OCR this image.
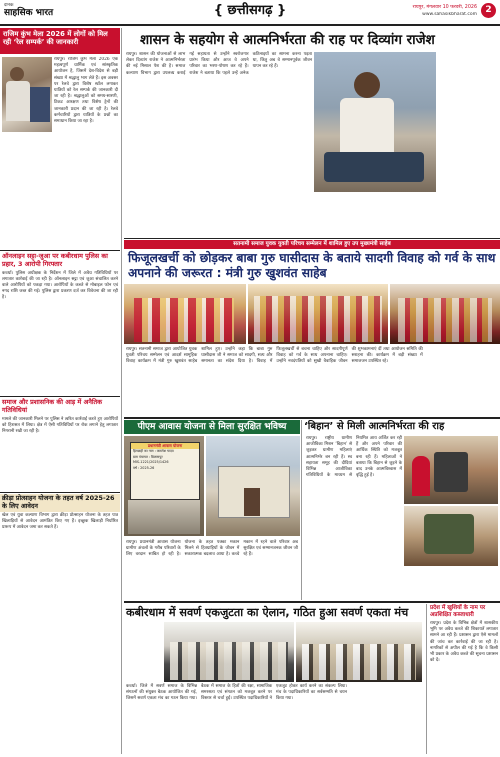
दैनिक
साहसिक भारत	{ छत्तीसगढ़ }	रायपुर, मंगलवार 10 फरवरी, 2026
www.sahasikbharat.com 2
राजिम कुंभ मेला 2026 में लोगों को मिल रही ‘रेल सम्पर्क’ की जानकारी
रायपुर। राजिम कुंभ मेला 2026 एक महत्वपूर्ण धार्मिक एवं सांस्कृतिक आयोजन है, जिसमें देश-विदेश से बड़ी संख्या में श्रद्धालु भाग लेते हैं। इस अवसर पर रेलवे द्वारा विशेष स्टॉल लगाकर यात्रियों को रेल सम्पर्क की जानकारी दी जा रही है। श्रद्धालुओं को समय-सारणी, टिकट आरक्षण तथा विशेष ट्रेनों की जानकारी प्रदान की जा रही है। रेलवे कर्मचारियों द्वारा यात्रियों के प्रश्नों का समाधान किया जा रहा है।
ऑनलाइन सट्टा-जुआ पर कबीरधाम पुलिस का प्रहार, 3 आरोपी गिरफ्तार
कवर्धा। पुलिस अधीक्षक के निर्देशन में जिले में अवैध गतिविधियों पर लगातार कार्रवाई की जा रही है। ऑनलाइन सट्टा एवं जुआ संचालित करने वाले आरोपियों को पकड़ा गया। आरोपियों के कब्जे से मोबाइल फोन एवं नगद राशि जब्त की गई। पुलिस द्वारा प्रकरण दर्ज कर विवेचना की जा रही है।
समाज और प्रशासनिक की आड़ में अनैतिक गतिविधियां
मामले की जानकारी मिलने पर पुलिस ने त्वरित कार्रवाई करते हुए आरोपियों को हिरासत में लिया। क्षेत्र में ऐसी गतिविधियों पर रोक लगाने हेतु लगातार निगरानी रखी जा रही है।
क्रीड़ा प्रोत्साहन योजना के तहत वर्ष 2025-26 के लिए आवेदन
खेल एवं युवा कल्याण विभाग द्वारा क्रीड़ा प्रोत्साहन योजना के तहत पात्र खिलाड़ियों से आवेदन आमंत्रित किए गए हैं। इच्छुक खिलाड़ी निर्धारित प्रारूप में आवेदन जमा कर सकते हैं।
शासन के सहयोग से आत्मनिर्भरता की राह पर दिव्यांग राजेश
रायपुर। शासन की योजनाओं से लाभ लेकर दिव्यांग राजेश ने आत्मनिर्भरता की नई मिसाल पेश की है। समाज कल्याण विभाग द्वारा उपलब्ध कराई गई सहायता से उन्होंने स्वरोजगार प्रारंभ किया और आज वे अपने परिवार का भरण-पोषण कर रहे हैं। राजेश ने बताया कि पहले उन्हें अनेक कठिनाइयों का सामना करना पड़ता था, किंतु अब वे सम्मानपूर्वक जीवन यापन कर रहे हैं।
सतनामी समाज युवक युवती परिचय सम्मेलन में शामिल हुए उप मुख्यमंत्री साहेब
फिजूलखर्ची को छोड़कर बाबा गुरु घासीदास के बताये सादगी विवाह को गर्व के साथ अपनाने की जरूरत : मंत्री गुरु खुशवंत साहेब
रायपुर। सतनामी समाज द्वारा आयोजित युवक युवती परिचय सम्मेलन एवं आदर्श सामूहिक विवाह कार्यक्रम में मंत्री गुरु खुशवंत साहेब शामिल हुए। उन्होंने कहा कि बाबा गुरु घासीदास जी ने समाज को सादगी, सत्य और समानता का संदेश दिया है। विवाह में फिजूलखर्ची से बचना चाहिए और सादगीपूर्ण विवाह को गर्व के साथ अपनाना चाहिए। उन्होंने नवदंपतियों को सुखी वैवाहिक जीवन की शुभकामनाएं दीं तथा आयोजन समिति की सराहना की। कार्यक्रम में बड़ी संख्या में समाजजन उपस्थित रहे।
पीएम आवास योजना से मिला सुरक्षित भविष्य
प्रधानमंत्री आवास योजना
हितग्राही का नाम : कमलेश यादव
ग्राम पंचायत : बिलासपुर
MIS-1221/2025/1426
वर्ष : 2025-26
रायपुर। प्रधानमंत्री आवास योजना ग्रामीण अंचलों के गरीब परिवारों के लिए वरदान साबित हो रही है। योजना के तहत पक्का मकान मिलने से हितग्राहियों के जीवन में सकारात्मक बदलाव आया है। कच्चे मकान में रहने वाले परिवार अब सुरक्षित एवं सम्मानजनक जीवन जी रहे हैं।
‘बिहान’ से मिली आत्मनिर्भरता की राह
रायपुर। राष्ट्रीय ग्रामीण आजीविका मिशन ‘बिहान’ से जुड़कर ग्रामीण महिलाएं आत्मनिर्भर बन रही हैं। स्व सहायता समूह की दीदियां विभिन्न आजीविका गतिविधियों के माध्यम से नियमित आय अर्जित कर रही हैं और अपने परिवार की आर्थिक स्थिति को मजबूत बना रही हैं। महिलाओं ने बताया कि बिहान से जुड़ने के बाद उनके आत्मविश्वास में वृद्धि हुई है।
कबीरधाम में सवर्ण एकजुटता का ऐलान, गठित हुआ सवर्ण एकता मंच
कवर्धा। जिले में सवर्ण समाज के विभिन्न संगठनों की संयुक्त बैठक आयोजित की गई, जिसमें सवर्ण एकता मंच का गठन किया गया। बैठक में समाज के हितों की रक्षा, सामाजिक समरसता एवं संगठन को मजबूत करने पर विस्तार से चर्चा हुई। उपस्थित पदाधिकारियों ने एकजुट होकर कार्य करने का संकल्प लिया। मंच के पदाधिकारियों का सर्वसम्मति से चयन किया गया।
प्रदेश में खुशियों के नाम पर अप्रशिक्षित कब्जाधारी
रायपुर। प्रदेश के विभिन्न क्षेत्रों में शासकीय भूमि पर अवैध कब्जे की शिकायतें लगातार सामने आ रही हैं। प्रशासन द्वारा ऐसे मामलों की जांच कर कार्रवाई की जा रही है। नागरिकों से अपील की गई है कि वे किसी भी प्रकार के अवैध कब्जे की सूचना प्रशासन को दें।
